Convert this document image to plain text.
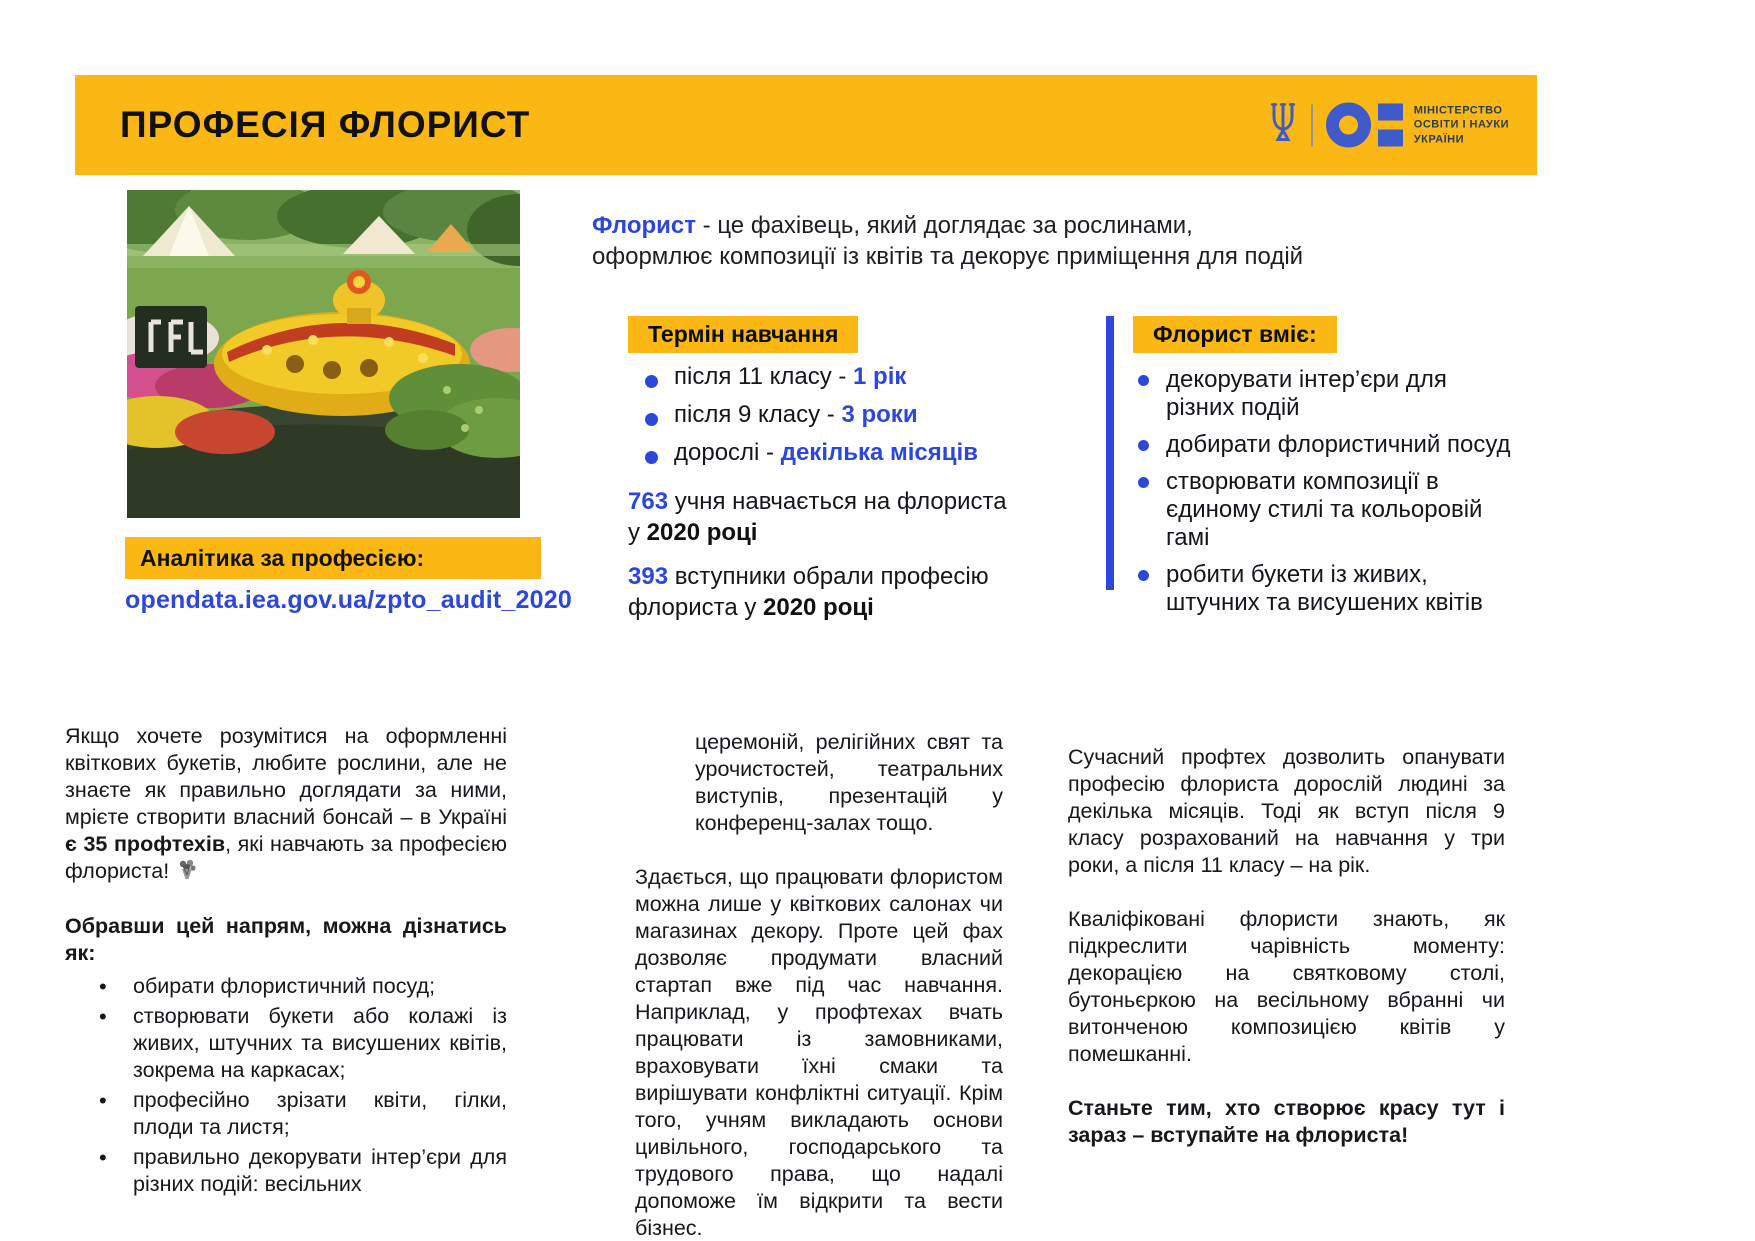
ПРОФЕСІЯ ФЛОРИСТ	МІНІСТЕРСТВО
ОСВІТИ І НАУКИ
УКРАЇНИ
Аналітика за професією:
opendata.iea.gov.ua/zpto_audit_2020
Флорист - це фахівець, який доглядає за рослинами, оформлює композиції із квітів та декорує приміщення для подій
Термін навчання
після 11 класу - 1 рік
після 9 класу - 3 роки
дорослі - декілька місяців

763 учня навчається на флориста у 2020 році

393 вступники обрали професію флориста у 2020 році

Флорист вміє:
декорувати інтер’єри для різних подій
добирати флористичний посуд
створювати композиції в єдиному стилі та кольоровій гамі
робити букети із живих, штучних та висушених квітів

Якщо хочете розумітися на оформленні квіткових букетів, любите рослини, але не знаєте як правильно доглядати за ними, мрієте створити власний бонсай – в Україні є 35 профтехів, які навчають за професією флориста!

Обравши цей напрям, можна дізнатись як:

• обирати флористичний посуд;
• створювати букети або колажі із живих, штучних та висушених квітів, зокрема на каркасах;
• професійно зрізати квіти, гілки, плоди та листя;
• правильно декорувати інтер’єри для різних подій: весільних

церемоній, релігійних свят та урочистостей, театральних виступів, презентацій у конференц-залах тощо.

Здається, що працювати флористом можна лише у квіткових салонах чи магазинах декору. Проте цей фах дозволяє продумати власний стартап вже під час навчання. Наприклад, у профтехах вчать працювати із замовниками, враховувати їхні смаки та вирішувати конфліктні ситуації. Крім того, учням викладають основи цивільного, господарського та трудового права, що надалі допоможе їм відкрити та вести бізнес.

Сучасний профтех дозволить опанувати професію флориста дорослій людині за декілька місяців. Тоді як вступ після 9 класу розрахований на навчання у три роки, а після 11 класу – на рік.

Кваліфіковані флористи знають, як підкреслити чарівність моменту: декорацією на святковому столі, бутоньєркою на весільному вбранні чи витонченою композицією квітів у помешканні.

Станьте тим, хто створює красу тут і зараз – вступайте на флориста!
